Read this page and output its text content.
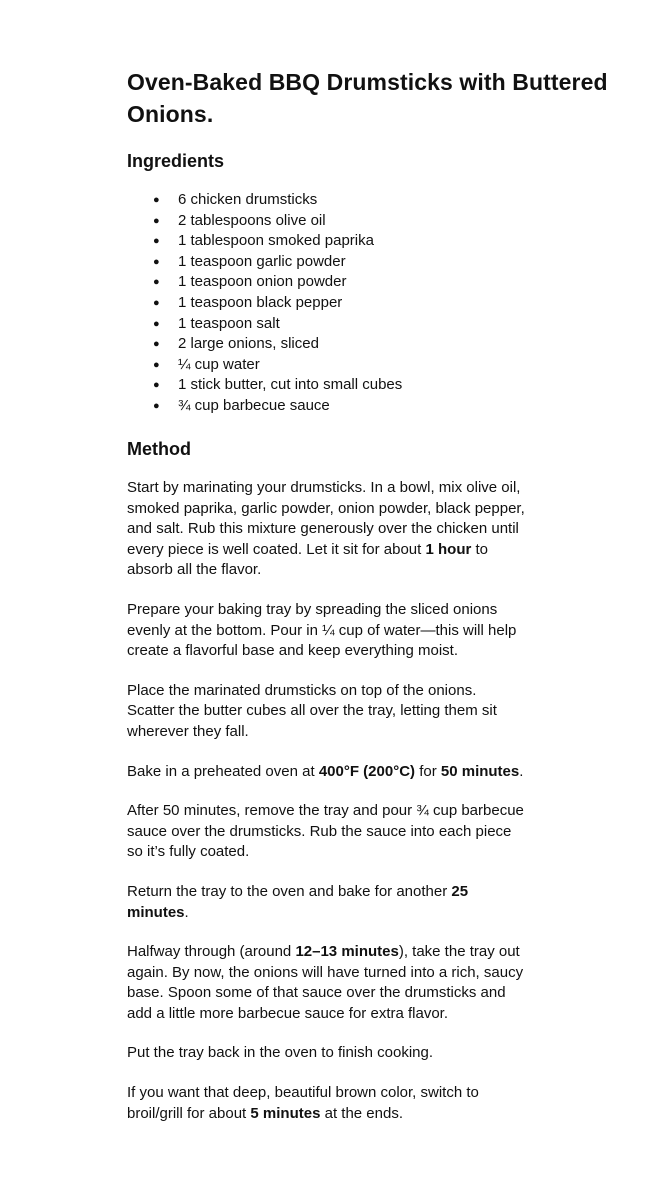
Oven-Baked BBQ Drumsticks with Buttered Onions.
Ingredients
● 6 chicken drumsticks
● 2 tablespoons olive oil
● 1 tablespoon smoked paprika
● 1 teaspoon garlic powder
● 1 teaspoon onion powder
● 1 teaspoon black pepper
● 1 teaspoon salt
● 2 large onions, sliced
● ¼ cup water
● 1 stick butter, cut into small cubes
● ¾ cup barbecue sauce
Method

Start by marinating your drumsticks. In a bowl, mix olive oil, smoked paprika, garlic powder, onion powder, black pepper, and salt. Rub this mixture generously over the chicken until every piece is well coated. Let it sit for about 1 hour to absorb all the flavor.

Prepare your baking tray by spreading the sliced onions evenly at the bottom. Pour in ¼ cup of water—this will help create a flavorful base and keep everything moist.

Place the marinated drumsticks on top of the onions. Scatter the butter cubes all over the tray, letting them sit wherever they fall.

Bake in a preheated oven at 400°F (200°C) for 50 minutes.

After 50 minutes, remove the tray and pour ¾ cup barbecue sauce over the drumsticks. Rub the sauce into each piece so it’s fully coated.

Return the tray to the oven and bake for another 25 minutes.

Halfway through (around 12–13 minutes), take the tray out again. By now, the onions will have turned into a rich, saucy base. Spoon some of that sauce over the drumsticks and add a little more barbecue sauce for extra flavor.

Put the tray back in the oven to finish cooking.

If you want that deep, beautiful brown color, switch to broil/grill for about 5 minutes at the ends.
